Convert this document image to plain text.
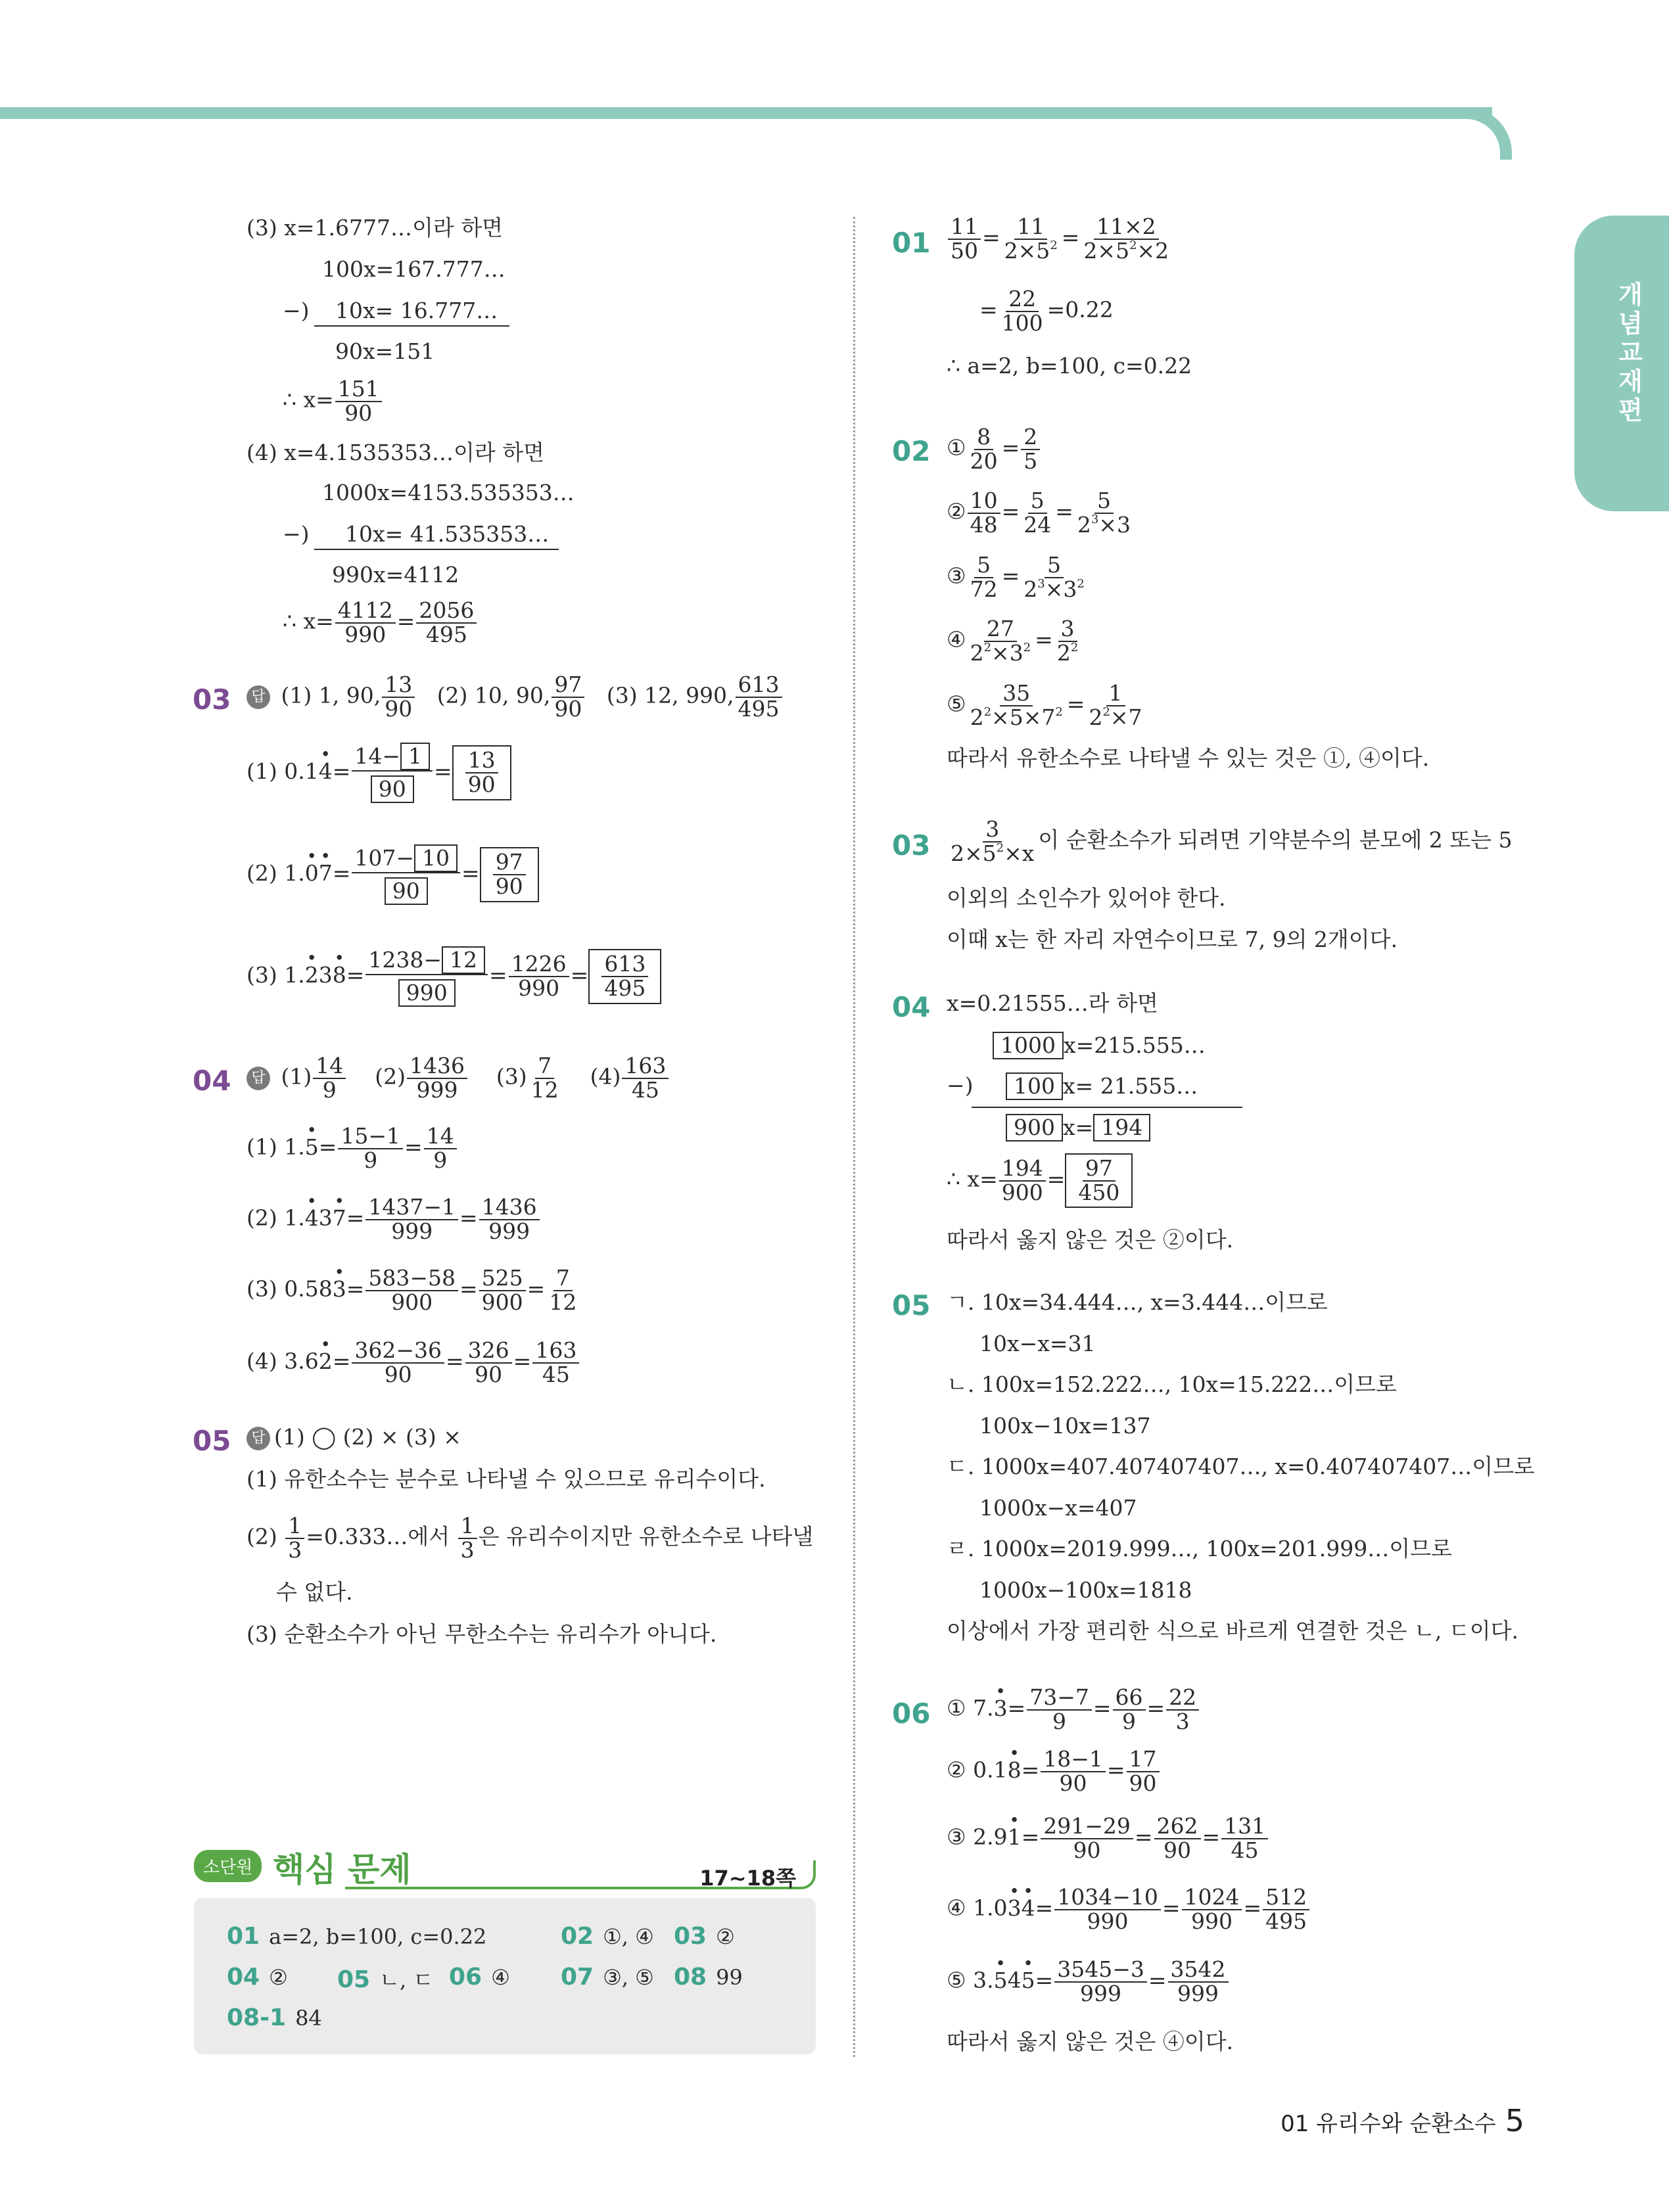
개념교재편
(3) x=1.6777…이라 하면
100x=167.777…
−) 10x= 16.777…
90x=151
∴ $x= \frac{151}{90}$
(4) x=4.1535353…이라 하면
1000x=4153.535353…
−) 10x= 41.535353…
990x=4112
∴ $x= \frac{4112}{990} = \frac{2056}{495}$
03	답 (1) 1, 90, $\frac{13}{90} (2)$ 10, 90, $\frac{97}{90} (3)$ 12, 990, $\frac{613}{495}$
(1) $0.14 \cdot= \frac{14- 1}{90} = \frac{13}{90}$
(2) $1.0 \cdot 7 \cdot= \frac{107- 10}{90} = \frac{97}{90}$
(3) $1.2 \cdot 38 \cdot= \frac{1238- 12}{990} = \frac{1226}{990} = \frac{613}{495}$
04	답 $(1) \frac{14}{9} (2) \frac{1436}{999} (3) \frac{7}{12} (4) \frac{163}{45}$
(1) $1.5 \cdot= \frac{15-1}{9} = \frac{14}{9}$
(2) $1.4 \cdot 37 \cdot= \frac{1437-1}{999} = \frac{1436}{999}$
(3) $0.583 \cdot= \frac{583-58}{900} = \frac{525}{900} = \frac{7}{12}$
(4) $3.62 \cdot= \frac{362-36}{90} = \frac{326}{90} = \frac{163}{45}$
05	답 (1) ◯ (2) × (3) ×
(1) 유한소수는 분수로 나타낼 수 있으므로 유리수이다.
$(2) \frac{1}{3}$ =0.333…에서 $\frac{1}{3}$ 은 유리수이지만 유한소수로 나타낼
수 없다.
(3) 순환소수가 아닌 무한소수는 유리수가 아니다.
소단원 핵심 문제	17~18쪽
01 a=2, b=100, c=0.22	02 ①, ④ 03 ②
04 ② 05 ㄴ, ㄷ 06 ④ 07 ③, ⑤ 08 99
08-1 84
$01 \frac{11}{50} = \frac{11}{2\times 5^2} = \frac{11\times 2}{2\times 5^2\times 2}$
= $\frac{22}{100} =0.22$
∴ a=2, b=100, c=0.22
02 ① $\frac{8}{20} = \frac{2}{5}$
② $\frac{10}{48} = \frac{5}{24} = \frac{5}{2^3\times 3}$
③ $\frac{5}{72} = \frac{5}{2^3\times 3^2}$
④ $\frac{27}{2^2\times 3^2} = \frac{3}{2^2}$
⑤ $\frac{35}{2^2\times 5\times 7^2} = \frac{1}{2^2\times 7}$
따라서 유한소수로 나타낼 수 있는 것은 ①, ④이다.
$03 \frac{3}{2\times 5^2\times x}$ 이 순환소수가 되려면 기약분수의 분모에 2 또는 5
이외의 소인수가 있어야 한다.
이때 x는 한 자리 자연수이므로 7, 9의 2개이다.
04 x=0.21555…라 하면
1000 x=215.555…
−)	100 x= 21.555…
900 x= 194
∴ $x= \frac{194}{900} = \frac{97}{450}$
따라서 옳지 않은 것은 ②이다.
05 ㄱ. 10x=34.444…, x=3.444…이므로
10x−x=31
ㄴ. 100x=152.222…, 10x=15.222…이므로
100x−10x=137
ㄷ. 1000x=407.407407407…, x=0.407407407…이므로
1000x−x=407
ㄹ. 1000x=2019.999…, 100x=201.999…이므로
1000x−100x=1818
이상에서 가장 편리한 식으로 바르게 연결한 것은 ㄴ, ㄷ이다.
06 ① $7.3 \cdot= \frac{73-7}{9} = \frac{66}{9} = \frac{22}{3}$
② $0.18 \cdot= \frac{18-1}{90} = \frac{17}{90}$
③ $2.91 \cdot= \frac{291-29}{90} = \frac{262}{90} = \frac{131}{45}$
④ $1.03 \cdot 4 \cdot= \frac{1034-10}{990} = \frac{1024}{990} = \frac{512}{495}$
⑤ $3.5 \cdot 45 \cdot= \frac{3545-3}{999} = \frac{3542}{999}$
따라서 옳지 않은 것은 ④이다.
01 유리수와 순환소수 5
